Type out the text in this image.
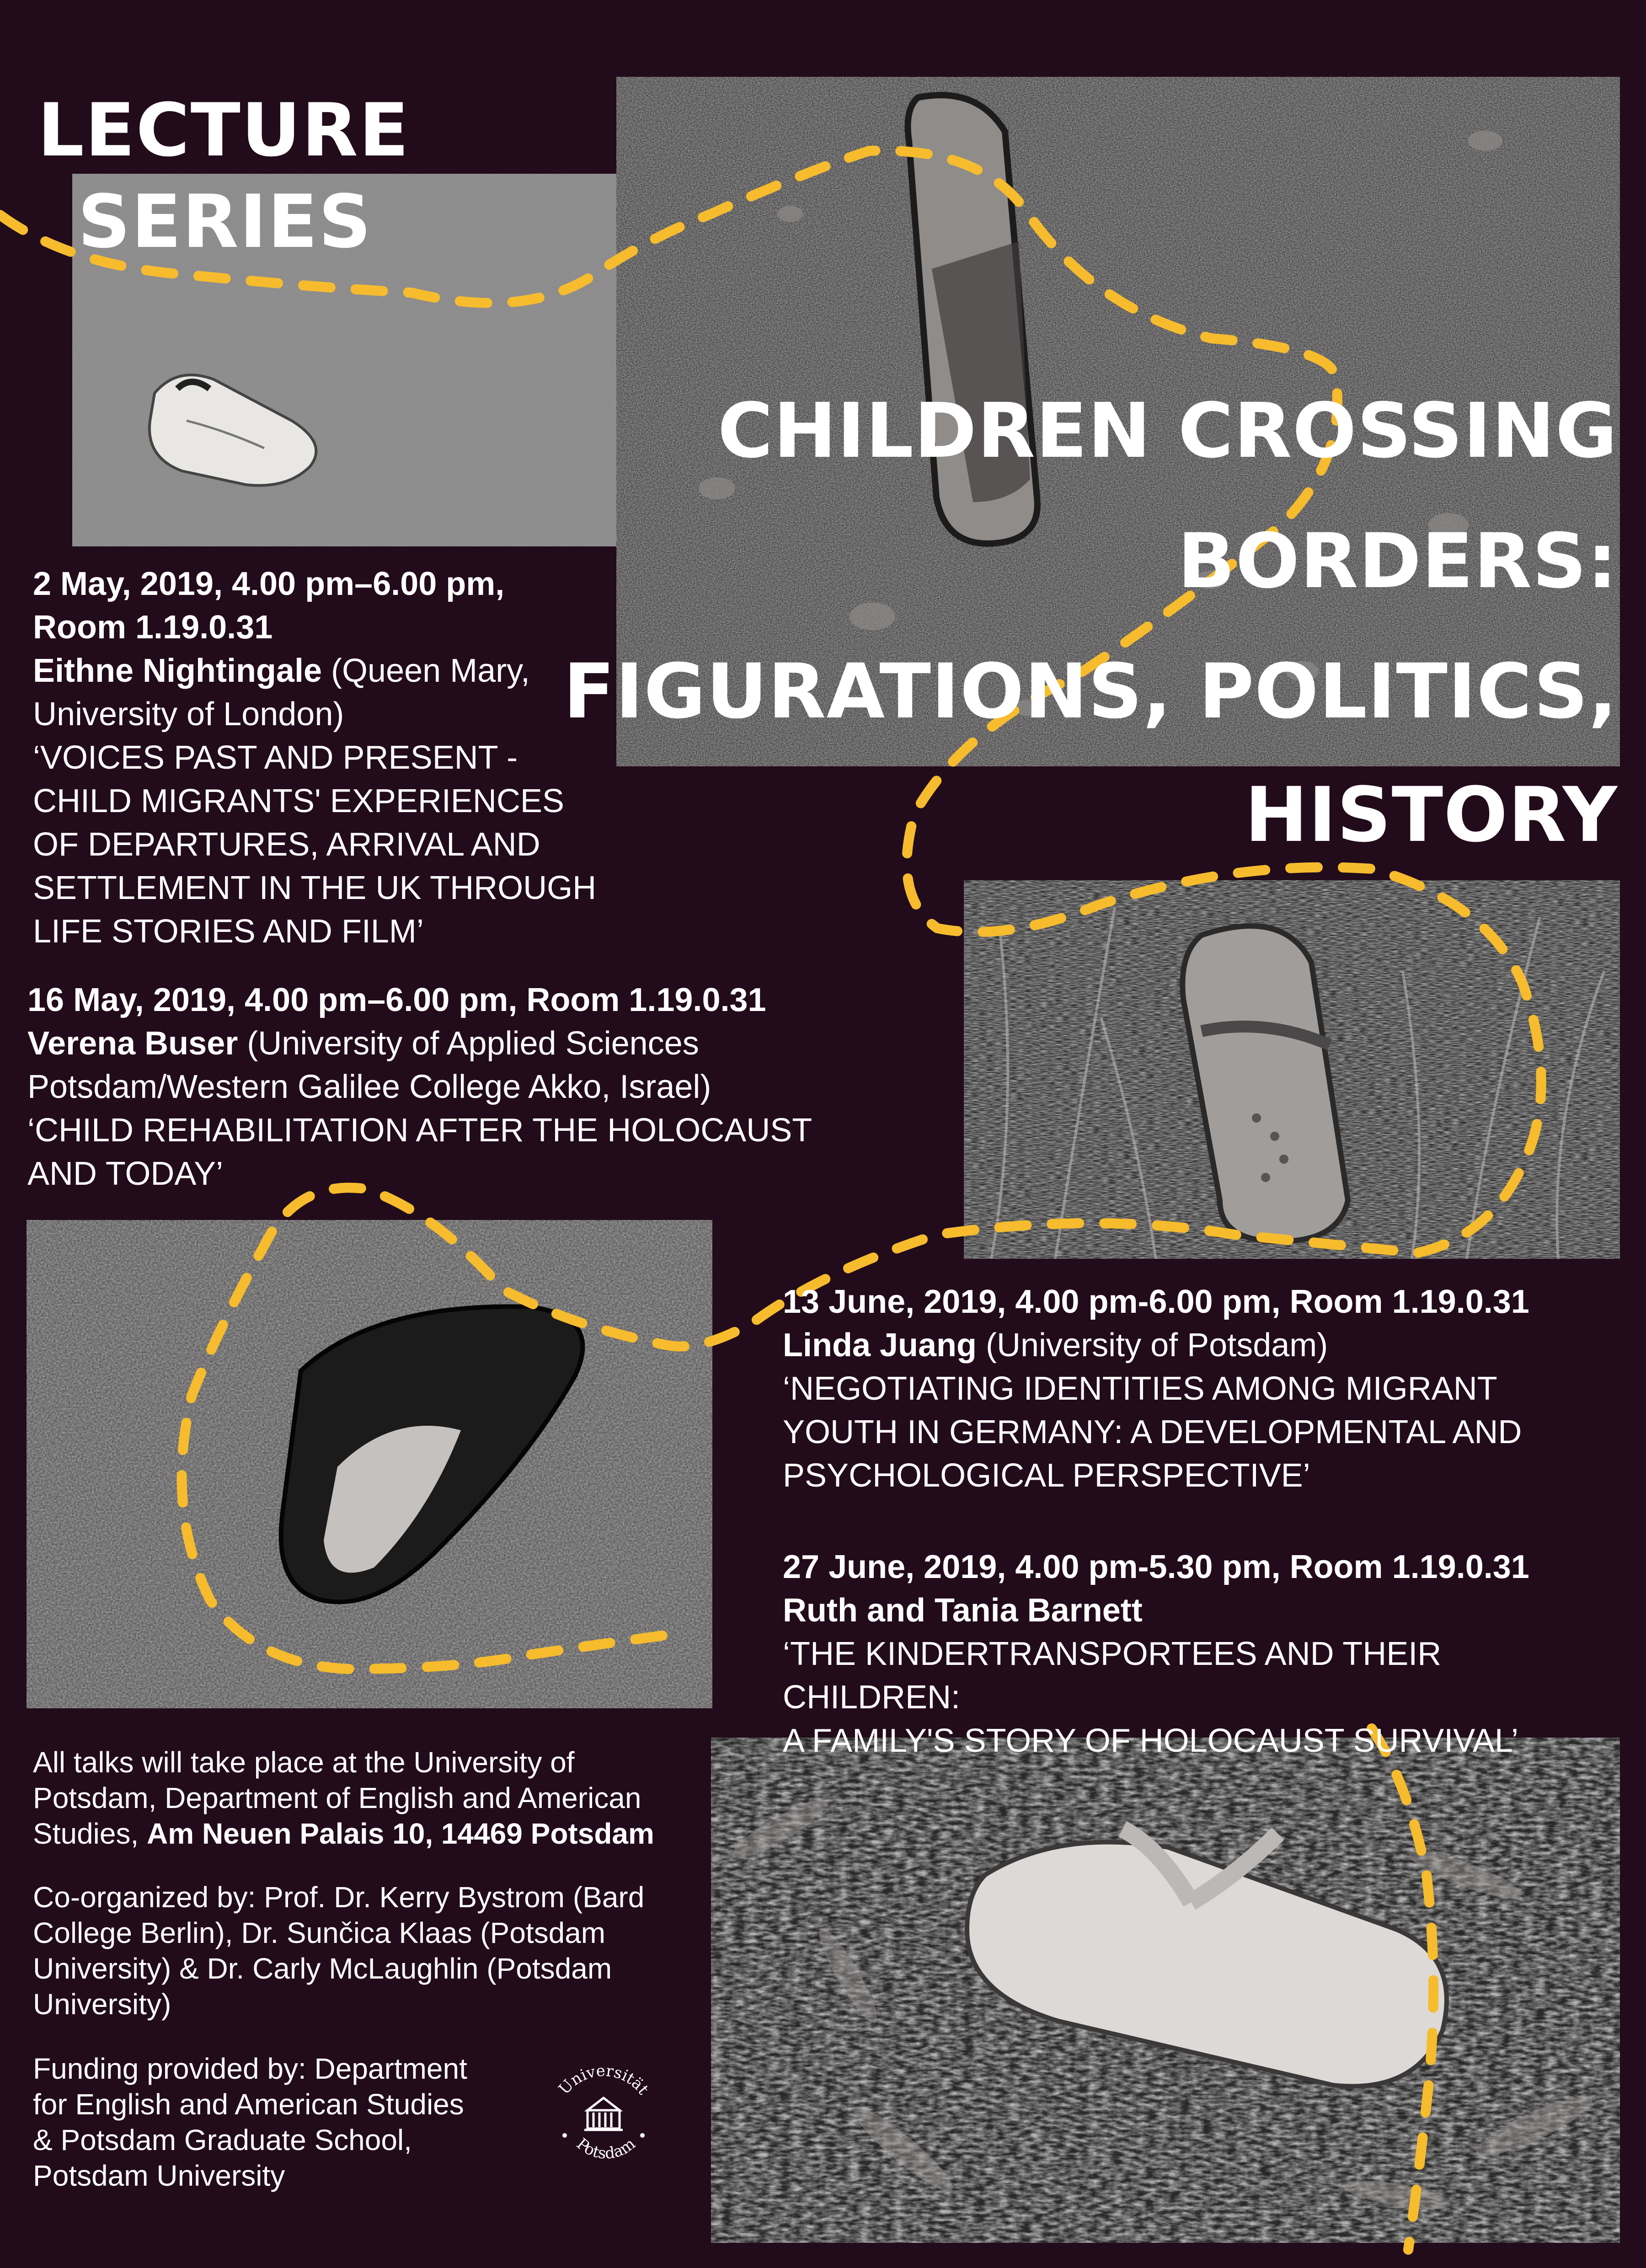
LECTURE
SERIES
CHILDREN CROSSING
BORDERS:
FIGURATIONS, POLITICS,
HISTORY
2 May, 2019, 4.00 pm–6.00 pm,
Room 1.19.0.31
Eithne Nightingale (Queen Mary,
University of London)
‘VOICES PAST AND PRESENT -
CHILD MIGRANTS' EXPERIENCES
OF DEPARTURES, ARRIVAL AND
SETTLEMENT IN THE UK THROUGH
LIFE STORIES AND FILM’
16 May, 2019, 4.00 pm–6.00 pm, Room 1.19.0.31
Verena Buser (University of Applied Sciences
Potsdam/Western Galilee College Akko, Israel)
‘CHILD REHABILITATION AFTER THE HOLOCAUST
AND TODAY’
13 June, 2019, 4.00 pm-6.00 pm, Room 1.19.0.31
Linda Juang (University of Potsdam)
‘NEGOTIATING IDENTITIES AMONG MIGRANT
YOUTH IN GERMANY: A DEVELOPMENTAL AND
PSYCHOLOGICAL PERSPECTIVE’
27 June, 2019, 4.00 pm-5.30 pm, Room 1.19.0.31
Ruth and Tania Barnett
‘THE KINDERTRANSPORTEES AND THEIR CHILDREN:
A FAMILY'S STORY OF HOLOCAUST SURVIVAL’
All talks will take place at the University of
Potsdam, Department of English and American
Studies, Am Neuen Palais 10, 14469 Potsdam
Co-organized by: Prof. Dr. Kerry Bystrom (Bard
College Berlin), Dr. Sunčica Klaas (Potsdam
University) & Dr. Carly McLaughlin (Potsdam
University)
Funding provided by: Department
for English and American Studies
& Potsdam Graduate School,
Potsdam University
Universität
Potsdam
